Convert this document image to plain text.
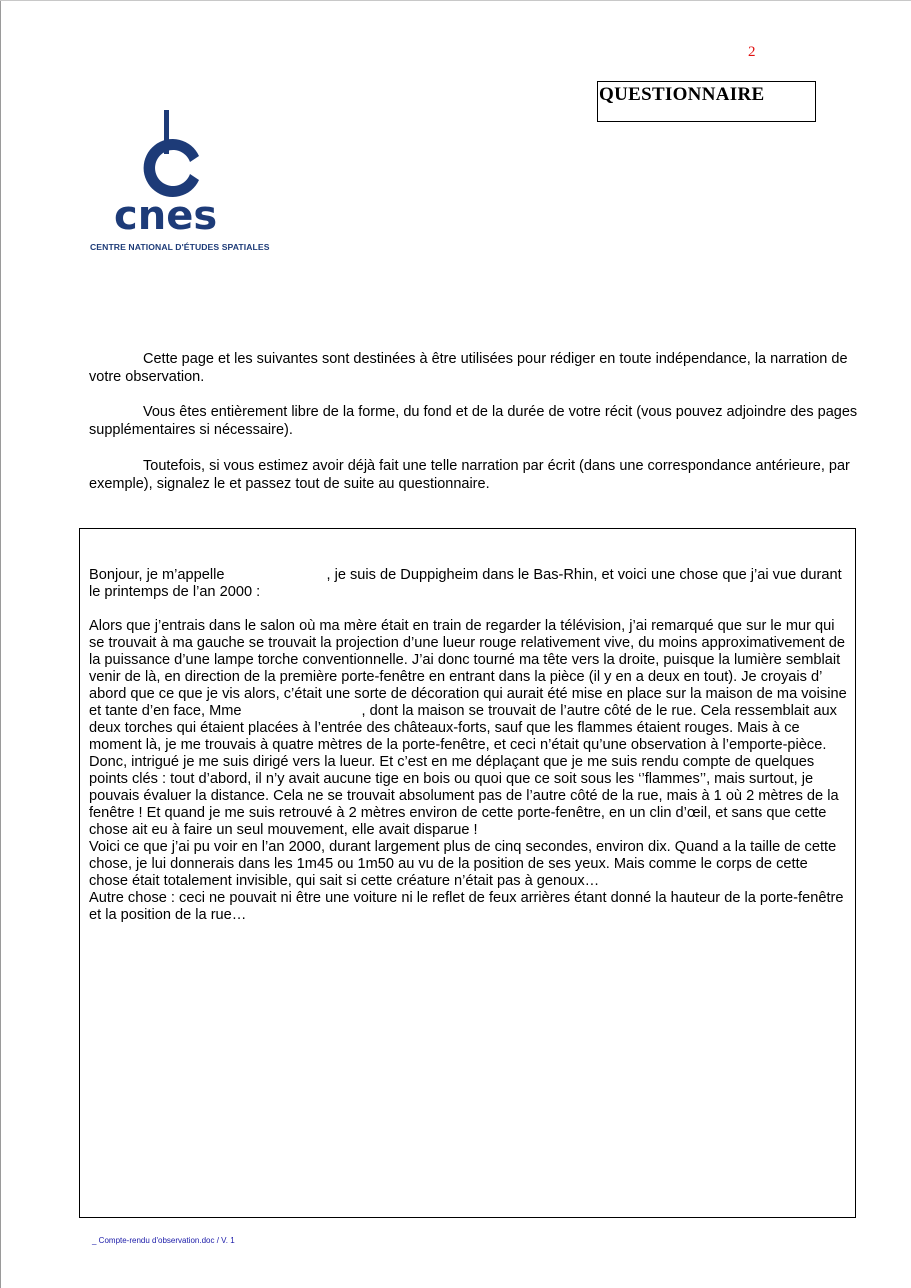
2
QUESTIONNAIRE
cnes
CENTRE NATIONAL D'ÉTUDES SPATIALES
Cette page et les suivantes sont destinées à être utilisées pour rédiger en toute indépendance, la narration de votre observation.
Vous êtes entièrement libre de la forme, du fond et de la durée de votre récit (vous pouvez adjoindre des pages supplémentaires si nécessaire).
Toutefois, si vous estimez avoir déjà fait une telle narration par écrit (dans une correspondance antérieure, par exemple), signalez le et passez tout de suite au questionnaire.

Bonjour, je m’appelle	, je suis de Duppigheim dans le Bas-Rhin, et voici une chose que j’ai vue durant le printemps de l’an 2000 :

Alors que j’entrais dans le salon où ma mère était en train de regarder la télévision, j’ai remarqué que sur le mur qui se trouvait à ma gauche se trouvait la projection d’une lueur rouge relativement vive, du moins approximativement de la puissance d’une lampe torche conventionnelle. J’ai donc tourné ma tête vers la droite, puisque la lumière semblait venir de là, en direction de la première porte-fenêtre en entrant dans la pièce (il y en a deux en tout). Je croyais d’ abord que ce que je vis alors, c’était une sorte de décoration qui aurait été mise en place sur la maison de ma voisine et tante d’en face, Mme	, dont la maison se trouvait de l’autre côté de le rue. Cela ressemblait aux deux torches qui étaient placées à l’entrée des châteaux-forts, sauf que les flammes étaient rouges. Mais à ce moment là, je me trouvais à quatre mètres de la porte-fenêtre, et ceci n’était qu’une observation à l’emporte-pièce. Donc, intrigué je me suis dirigé vers la lueur. Et c’est en me déplaçant que je me suis rendu compte de quelques points clés : tout d’abord, il n’y avait aucune tige en bois ou quoi que ce soit sous les ‘’flammes’’, mais surtout, je pouvais évaluer la distance. Cela ne se trouvait absolument pas de l’autre côté de la rue, mais à 1 où 2 mètres de la fenêtre ! Et quand je me suis retrouvé à 2 mètres environ de cette porte-fenêtre, en un clin d’œil, et sans que cette chose ait eu à faire un seul mouvement, elle avait disparue !

Voici ce que j’ai pu voir en l’an 2000, durant largement plus de cinq secondes, environ dix. Quand a la taille de cette chose, je lui donnerais dans les 1m45 ou 1m50 au vu de la position de ses yeux. Mais comme le corps de cette chose était totalement invisible, qui sait si cette créature n’était pas à genoux…

Autre chose : ceci ne pouvait ni être une voiture ni le reflet de feux arrières étant donné la hauteur de la porte-fenêtre et la position de la rue…

_ Compte-rendu d'observation.doc / V. 1
